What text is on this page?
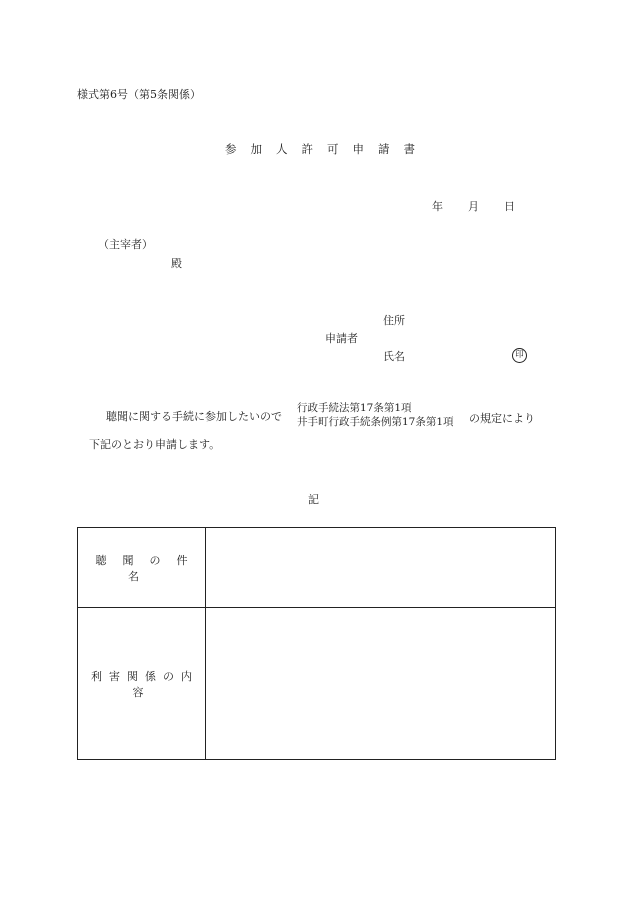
様式第6号（第5条関係）
参加人許可申請書
年 月 日
（主宰者）
殿
住所
申請者
氏名	印
聴聞に関する手続に参加したいので
行政手続法第17条第1項
井手町行政手続条例第17条第1項 の規定により
下記のとおり申請します。
記
聴聞の件名	
利害関係の内容	
